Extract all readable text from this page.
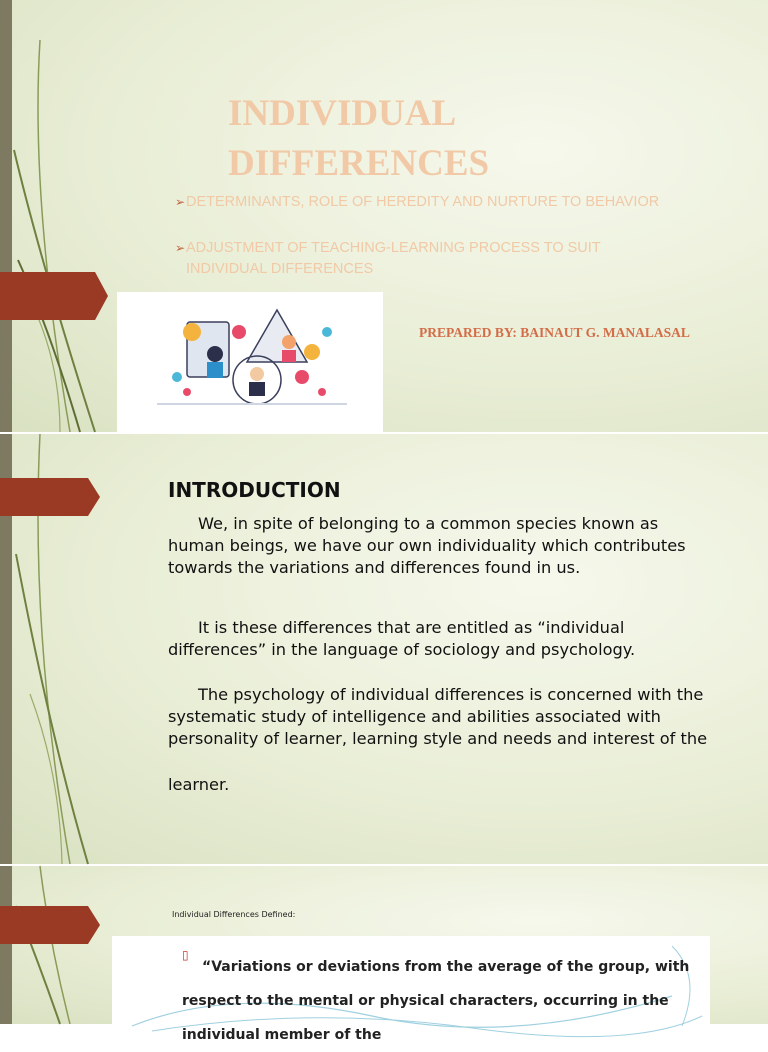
INDIVIDUAL
DIFFERENCES
➢ DETERMINANTS, ROLE OF HEREDITY AND NURTURE TO BEHAVIOR
➢ ADJUSTMENT OF TEACHING-LEARNING PROCESS TO SUIT INDIVIDUAL DIFFERENCES
PREPARED BY: BAINAUT G. MANALASAL
INTRODUCTION
We, in spite of belonging to a common species known as human beings, we have our own individuality which contributes towards the variations and differences found in us.
It is these differences that are entitled as “individual differences” in the language of sociology and psychology.
The psychology of individual differences is concerned with the systematic study of intelligence and abilities associated with personality of learner, learning style and needs and interest of the
learner.
Individual Differences Defined:
▯
“Variations or deviations from the average of the group, with respect to the mental or physical characters, occurring in the individual member of the
